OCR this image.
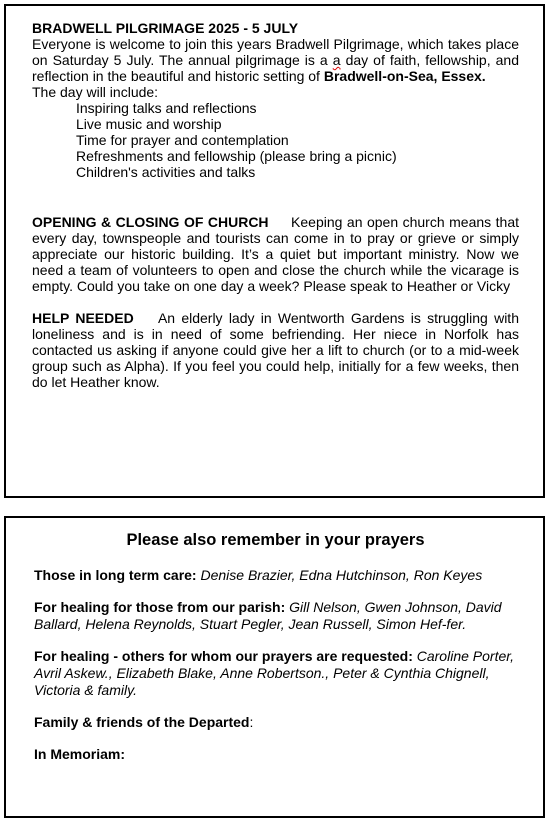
BRADWELL PILGRIMAGE 2025 - 5 JULY

Everyone is welcome to join this years Bradwell Pilgrimage, which takes place on Saturday 5 July. The annual pilgrimage is a a day of faith, fellowship, and reflection in the beautiful and historic setting of Bradwell-on-Sea, Essex.

The day will include:

Inspiring talks and reflections
Live music and worship
Time for prayer and contemplation
Refreshments and fellowship (please bring a picnic)
Children's activities and talks

OPENING & CLOSING OF CHURCH Keeping an open church means that every day, townspeople and tourists can come in to pray or grieve or simply appreciate our historic building. It’s a quiet but important ministry. Now we need a team of volunteers to open and close the church while the vicarage is empty. Could you take on one day a week? Please speak to Heather or Vicky

HELP NEEDED An elderly lady in Wentworth Gardens is struggling with loneliness and is in need of some befriending. Her niece in Norfolk has contacted us asking if anyone could give her a lift to church (or to a mid-week group such as Alpha). If you feel you could help, initially for a few weeks, then do let Heather know.

Please also remember in your prayers

Those in long term care: Denise Brazier, Edna Hutchinson, Ron Keyes

For healing for those from our parish: Gill Nelson, Gwen Johnson, David Ballard, Helena Reynolds, Stuart Pegler, Jean Russell, Simon Hef-fer.

For healing - others for whom our prayers are requested: Caroline Porter, Avril Askew., Elizabeth Blake, Anne Robertson., Peter & Cynthia Chignell, Victoria & family.

Family & friends of the Departed:

In Memoriam:
